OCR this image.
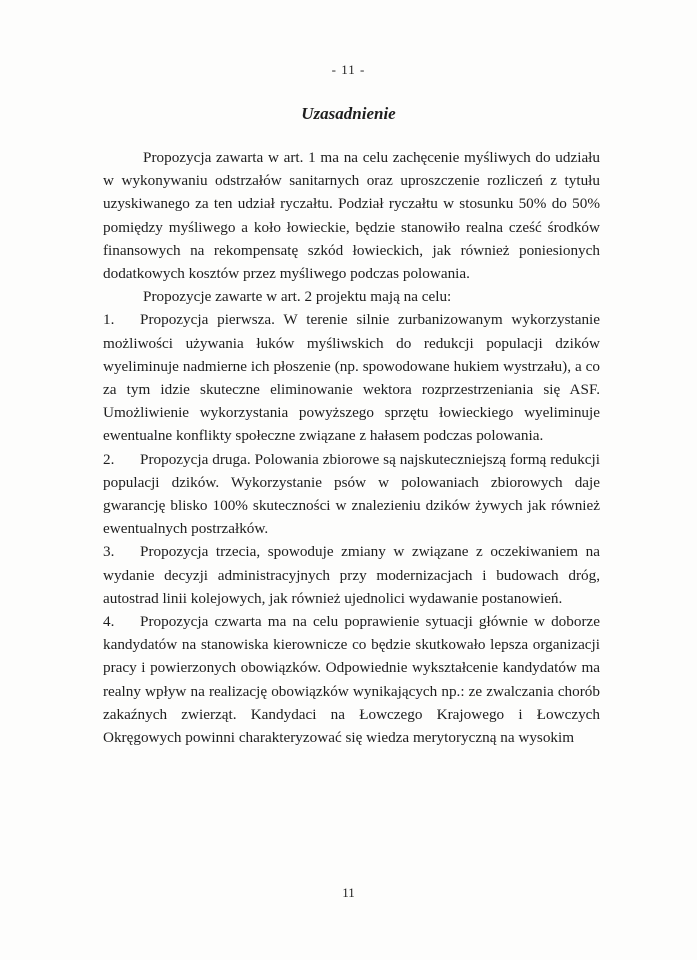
- 11 -
Uzasadnienie

Propozycja zawarta w art. 1 ma na celu zachęcenie myśliwych do udziału w wykonywaniu odstrzałów sanitarnych oraz uproszczenie rozliczeń z tytułu uzyskiwanego za ten udział ryczałtu. Podział ryczałtu w stosunku 50% do 50% pomiędzy myśliwego a koło łowieckie, będzie stanowiło realna cześć środków finansowych na rekompensatę szkód łowieckich, jak również poniesionych dodatkowych kosztów przez myśliwego podczas polowania.

Propozycje zawarte w art. 2 projektu mają na celu:

1. Propozycja pierwsza. W terenie silnie zurbanizowanym wykorzystanie możliwości używania łuków myśliwskich do redukcji populacji dzików wyeliminuje nadmierne ich płoszenie (np. spowodowane hukiem wystrzału), a co za tym idzie skuteczne eliminowanie wektora rozprzestrzeniania się ASF. Umożliwienie wykorzystania powyższego sprzętu łowieckiego wyeliminuje ewentualne konflikty społeczne związane z hałasem podczas polowania.

2. Propozycja druga. Polowania zbiorowe są najskuteczniejszą formą redukcji populacji dzików. Wykorzystanie psów w polowaniach zbiorowych daje gwarancję blisko 100% skuteczności w znalezieniu dzików żywych jak również ewentualnych postrzałków.

3. Propozycja trzecia, spowoduje zmiany w związane z oczekiwaniem na wydanie decyzji administracyjnych przy modernizacjach i budowach dróg, autostrad linii kolejowych, jak również ujednolici wydawanie postanowień.

4. Propozycja czwarta ma na celu poprawienie sytuacji głównie w doborze kandydatów na stanowiska kierownicze co będzie skutkowało lepsza organizacji pracy i powierzonych obowiązków. Odpowiednie wykształcenie kandydatów ma realny wpływ na realizację obowiązków wynikających np.: ze zwalczania chorób zakaźnych zwierząt. Kandydaci na Łowczego Krajowego i Łowczych Okręgowych powinni charakteryzować się wiedza merytoryczną na wysokim

11
